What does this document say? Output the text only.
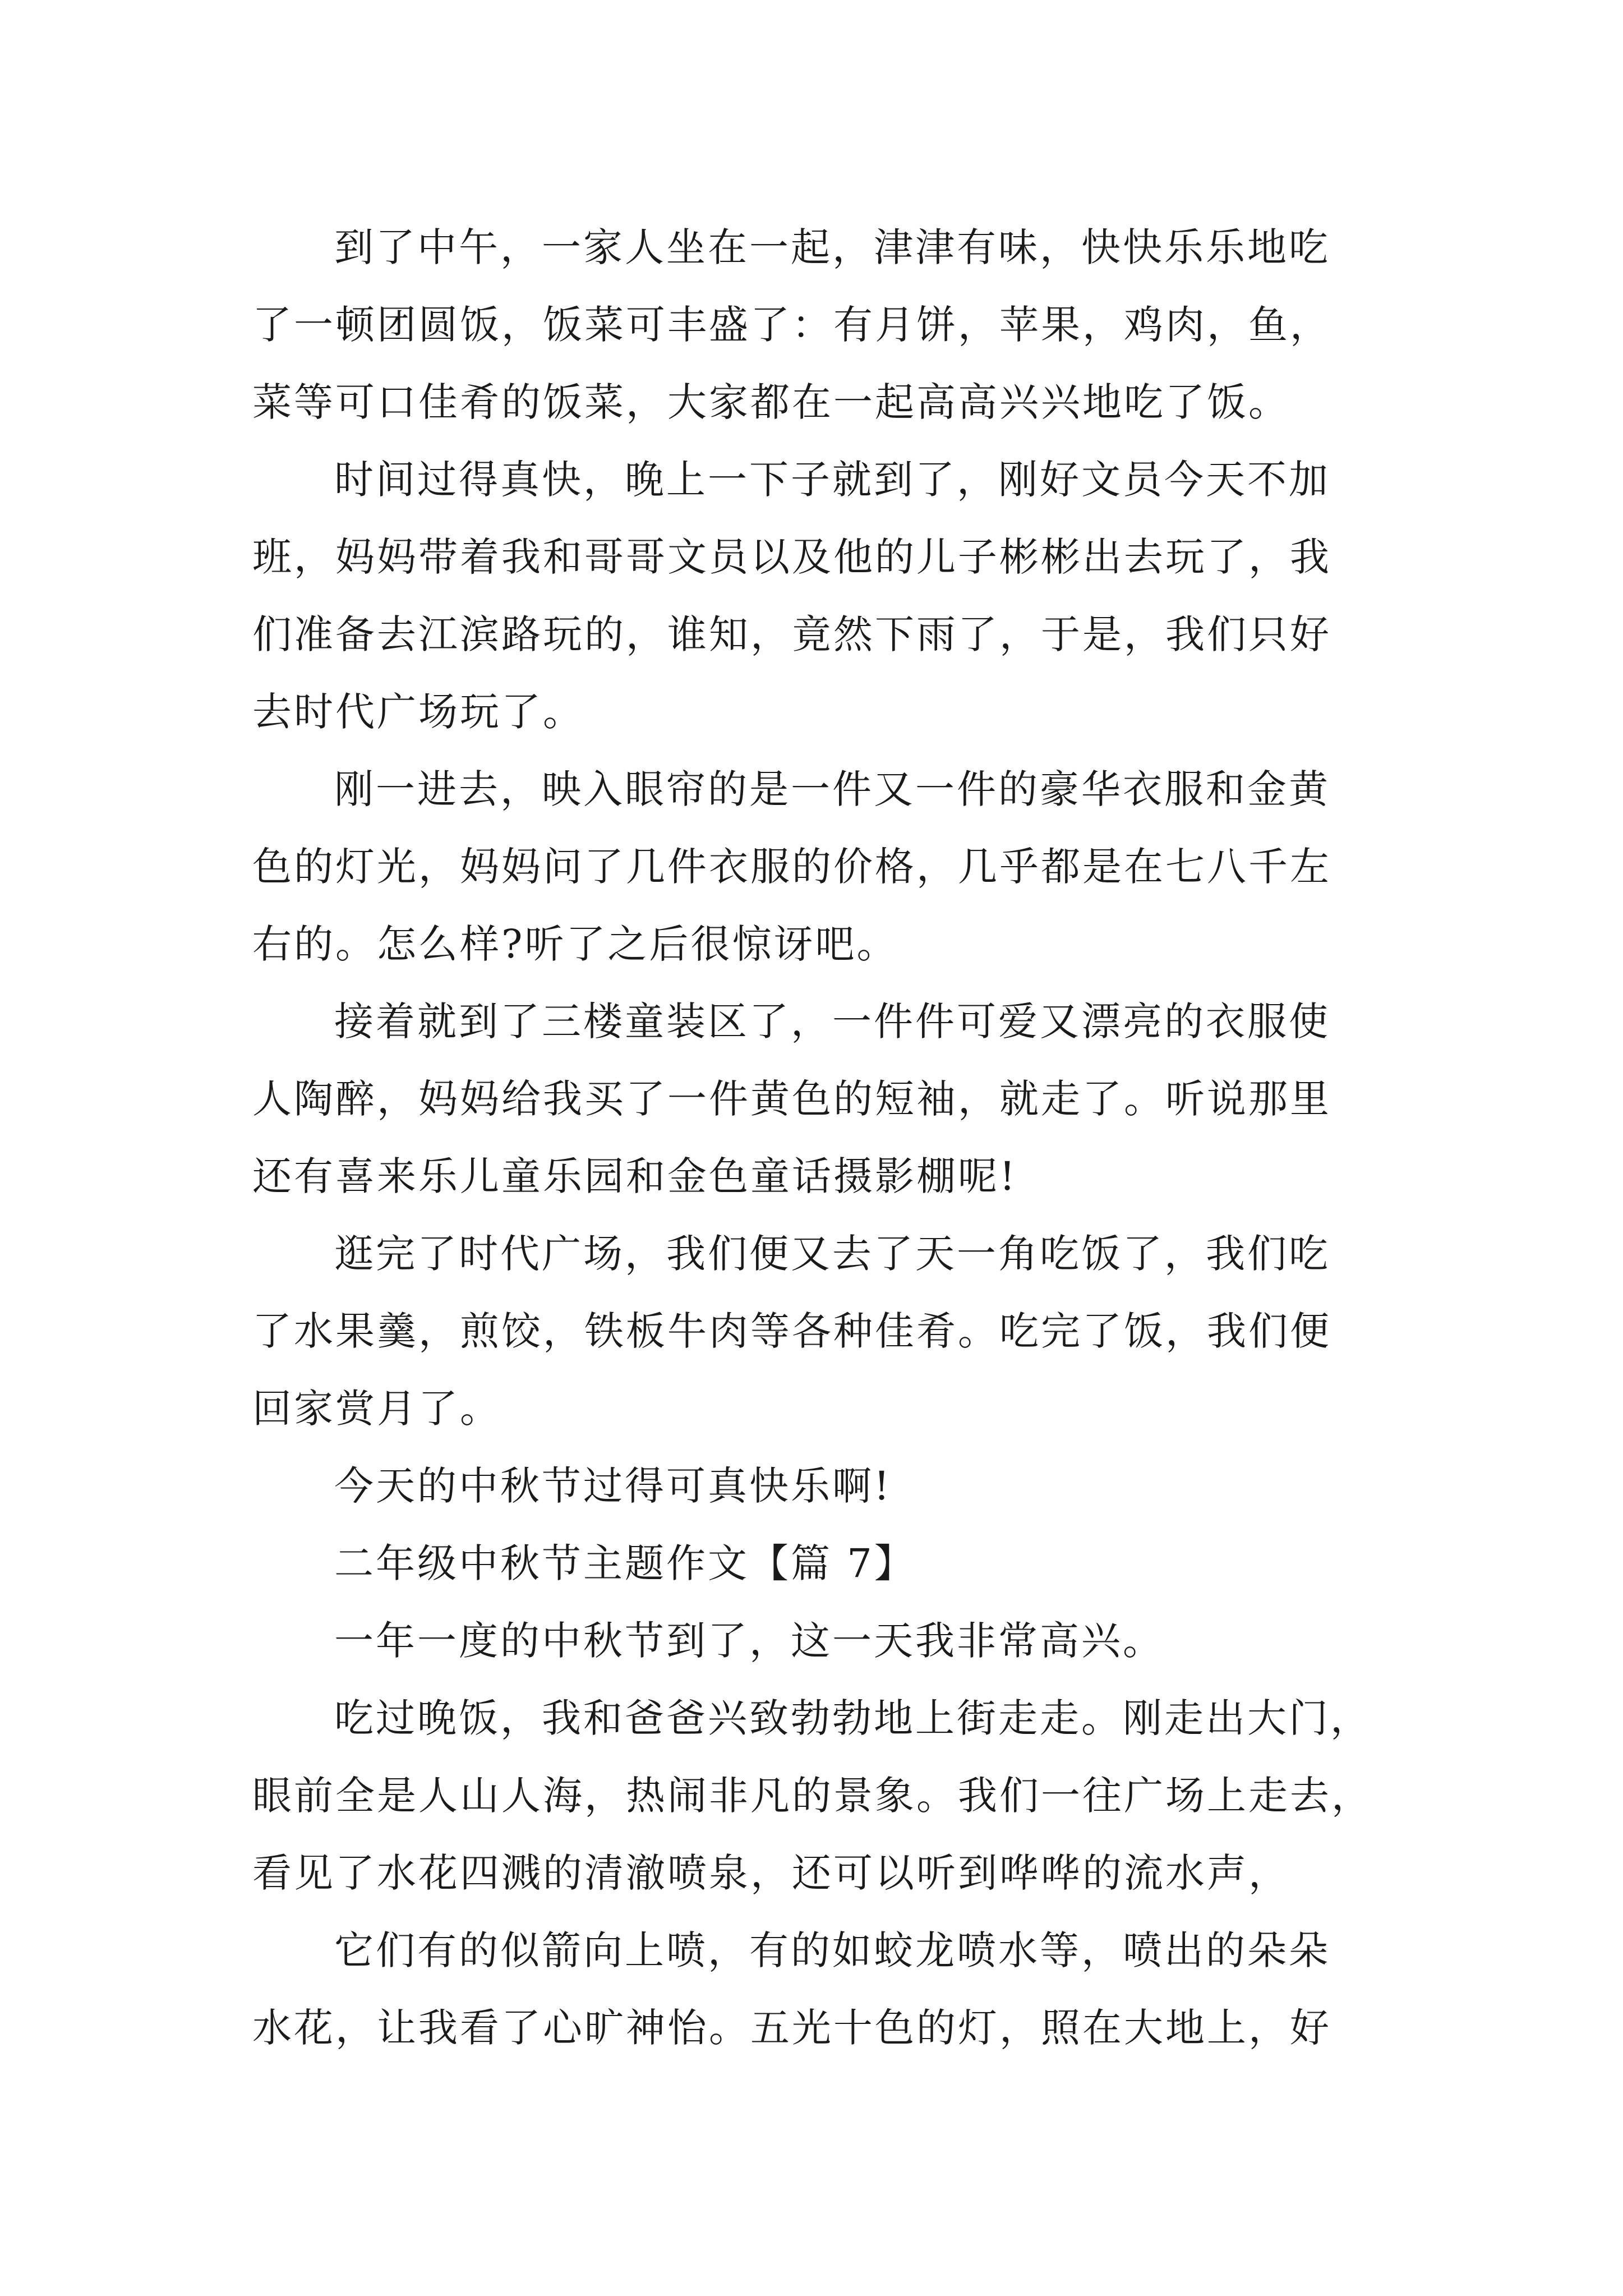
到了中午，一家人坐在一起，津津有味，快快乐乐地吃
了一顿团圆饭，饭菜可丰盛了：有月饼，苹果，鸡肉，鱼，
菜等可口佳肴的饭菜，大家都在一起高高兴兴地吃了饭。
时间过得真快，晚上一下子就到了，刚好文员今天不加
班，妈妈带着我和哥哥文员以及他的儿子彬彬出去玩了，我
们准备去江滨路玩的，谁知，竟然下雨了，于是，我们只好
去时代广场玩了。
刚一进去，映入眼帘的是一件又一件的豪华衣服和金黄
色的灯光，妈妈问了几件衣服的价格，几乎都是在七八千左
右的。怎么样?听了之后很惊讶吧。
接着就到了三楼童装区了，一件件可爱又漂亮的衣服使
人陶醉，妈妈给我买了一件黄色的短袖，就走了。听说那里
还有喜来乐儿童乐园和金色童话摄影棚呢!
逛完了时代广场，我们便又去了天一角吃饭了，我们吃
了水果羹，煎饺，铁板牛肉等各种佳肴。吃完了饭，我们便
回家赏月了。
今天的中秋节过得可真快乐啊!
二年级中秋节主题作文【篇 7】
一年一度的中秋节到了，这一天我非常高兴。
吃过晚饭，我和爸爸兴致勃勃地上街走走。刚走出大门，
眼前全是人山人海，热闹非凡的景象。我们一往广场上走去，
看见了水花四溅的清澈喷泉，还可以听到哗哗的流水声，
它们有的似箭向上喷，有的如蛟龙喷水等，喷出的朵朵
水花，让我看了心旷神怡。五光十色的灯，照在大地上，好
